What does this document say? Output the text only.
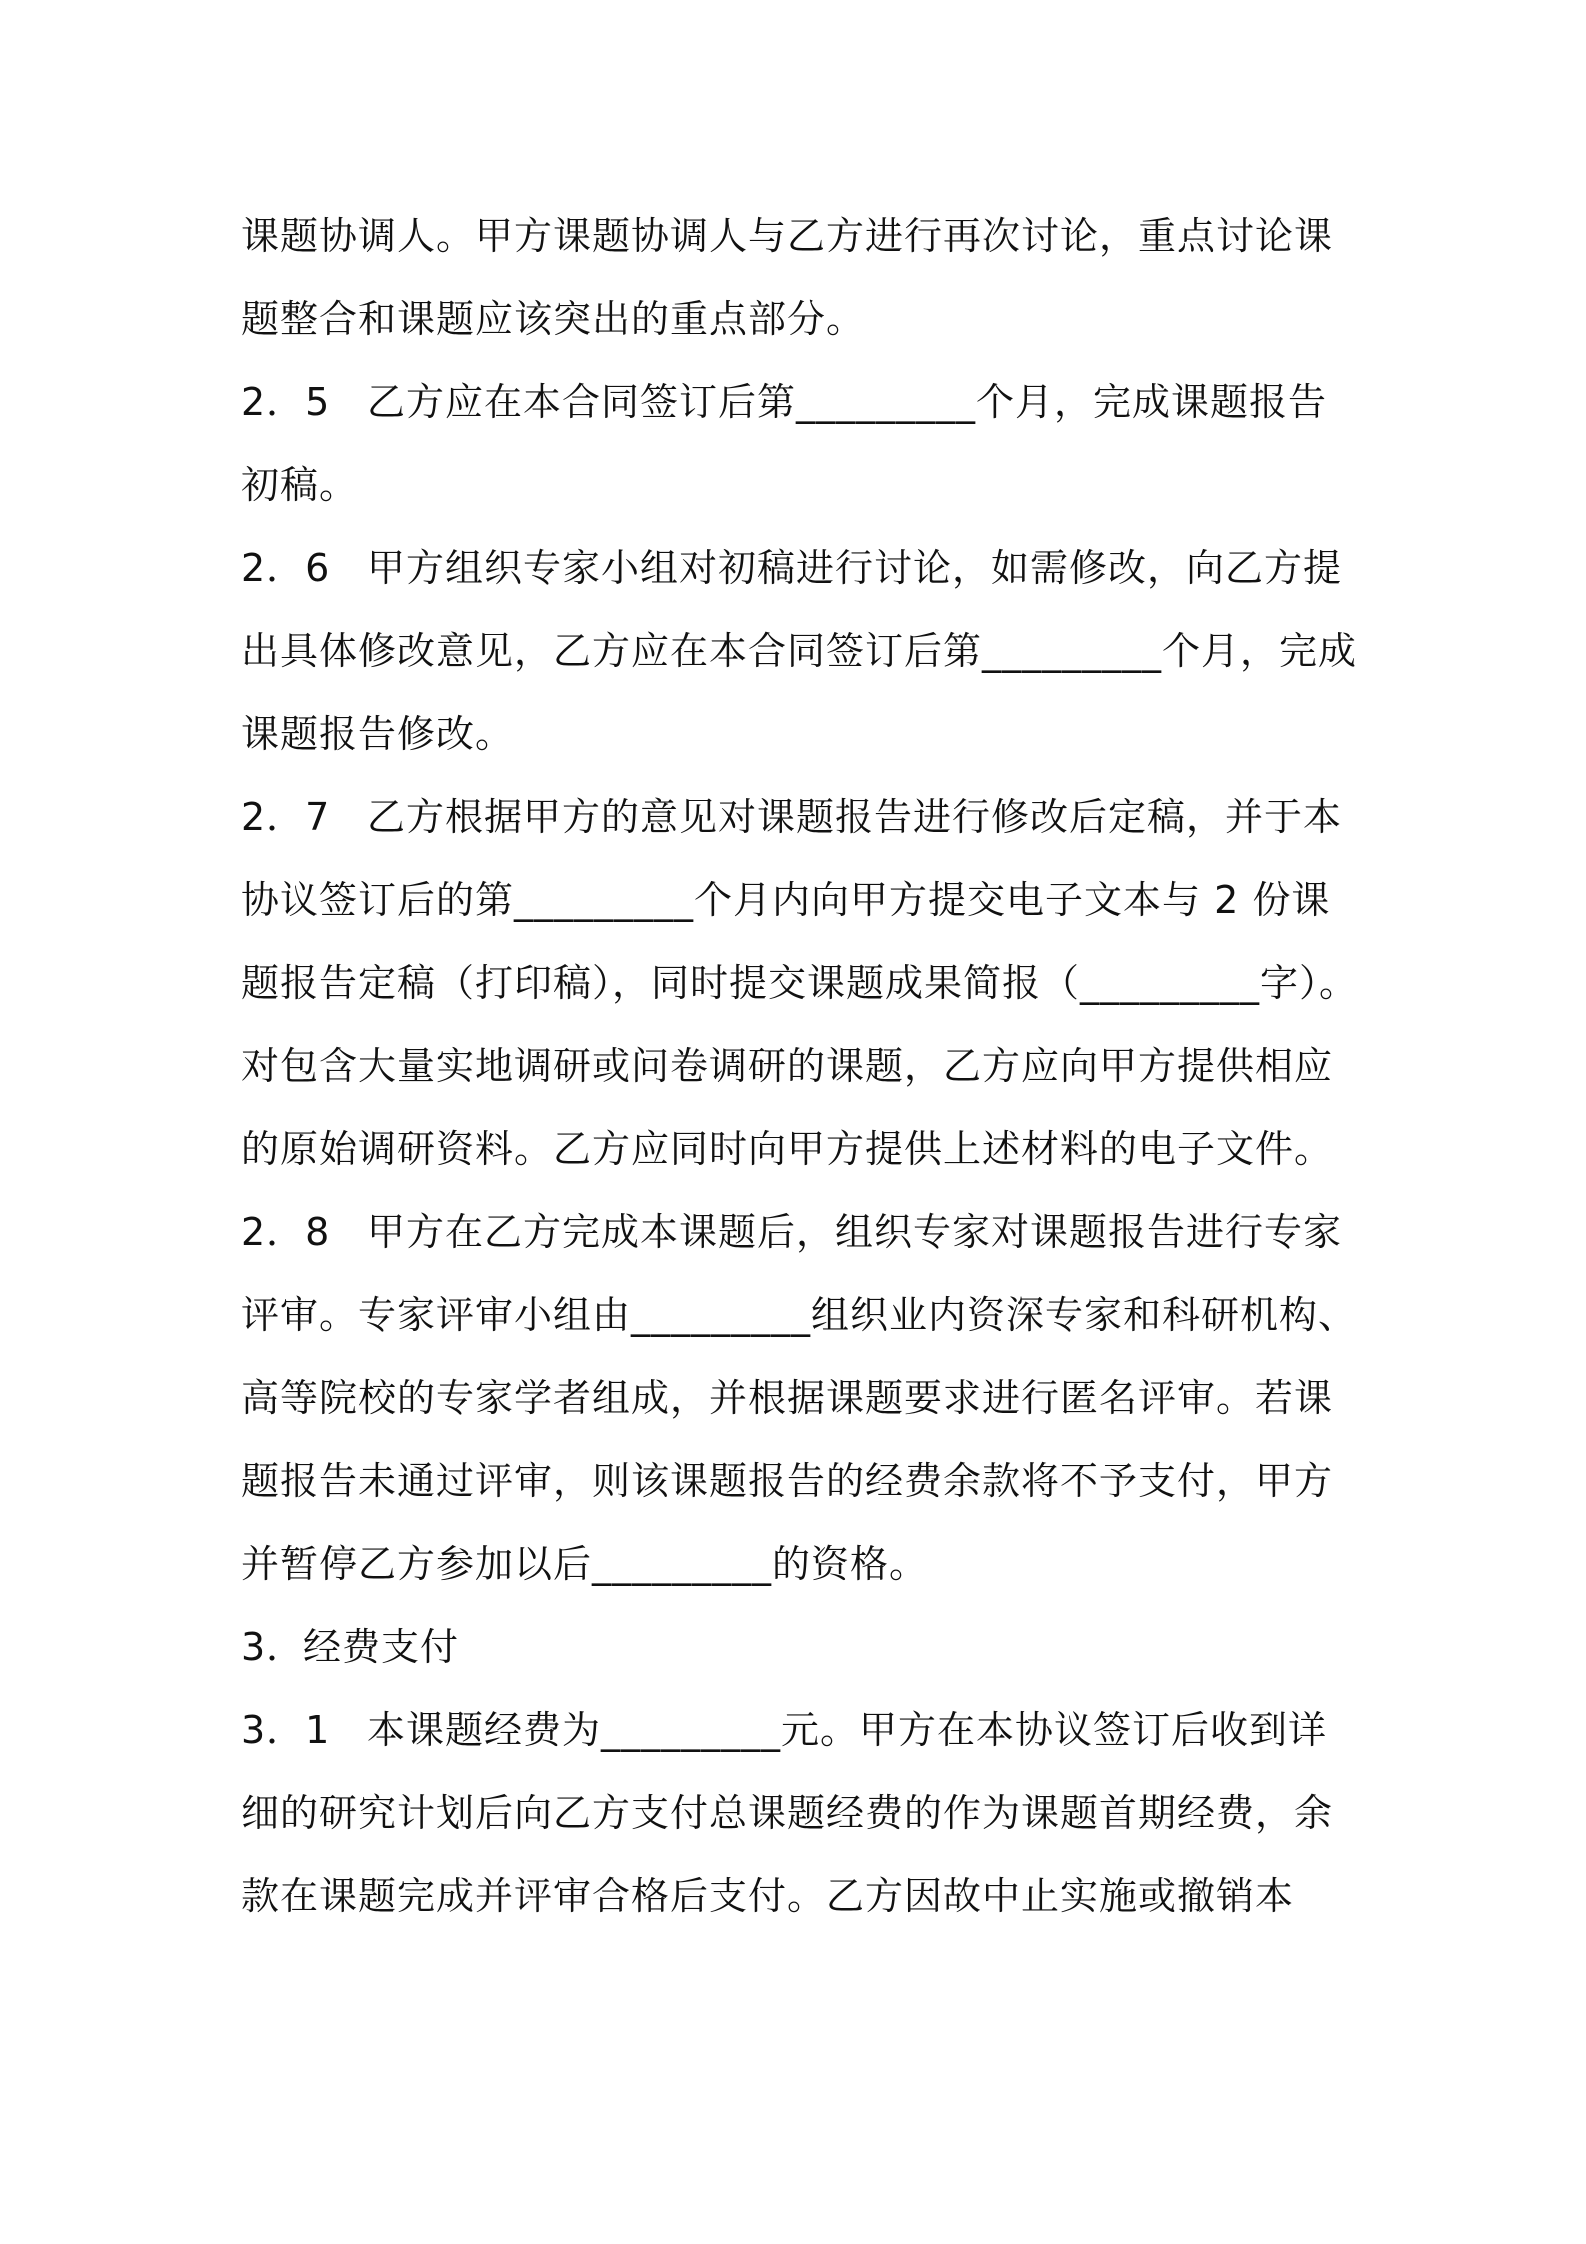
课题协调人。甲方课题协调人与乙方进行再次讨论，重点讨论课题整合和课题应该突出的重点部分。

2．5 乙方应在本合同签订后第_________个月，完成课题报告初稿。

2．6 甲方组织专家小组对初稿进行讨论，如需修改，向乙方提出具体修改意见，乙方应在本合同签订后第_________个月，完成课题报告修改。

2．7 乙方根据甲方的意见对课题报告进行修改后定稿，并于本协议签订后的第_________个月内向甲方提交电子文本与 2 份课题报告定稿（打印稿），同时提交课题成果简报（_________字）。对包含大量实地调研或问卷调研的课题，乙方应向甲方提供相应的原始调研资料。乙方应同时向甲方提供上述材料的电子文件。

2．8 甲方在乙方完成本课题后，组织专家对课题报告进行专家评审。专家评审小组由_________组织业内资深专家和科研机构、高等院校的专家学者组成，并根据课题要求进行匿名评审。若课题报告未通过评审，则该课题报告的经费余款将不予支付，甲方并暂停乙方参加以后_________的资格。

3．经费支付

3．1 本课题经费为_________元。甲方在本协议签订后收到详细的研究计划后向乙方支付总课题经费的作为课题首期经费，余款在课题完成并评审合格后支付。乙方因故中止实施或撤销本
